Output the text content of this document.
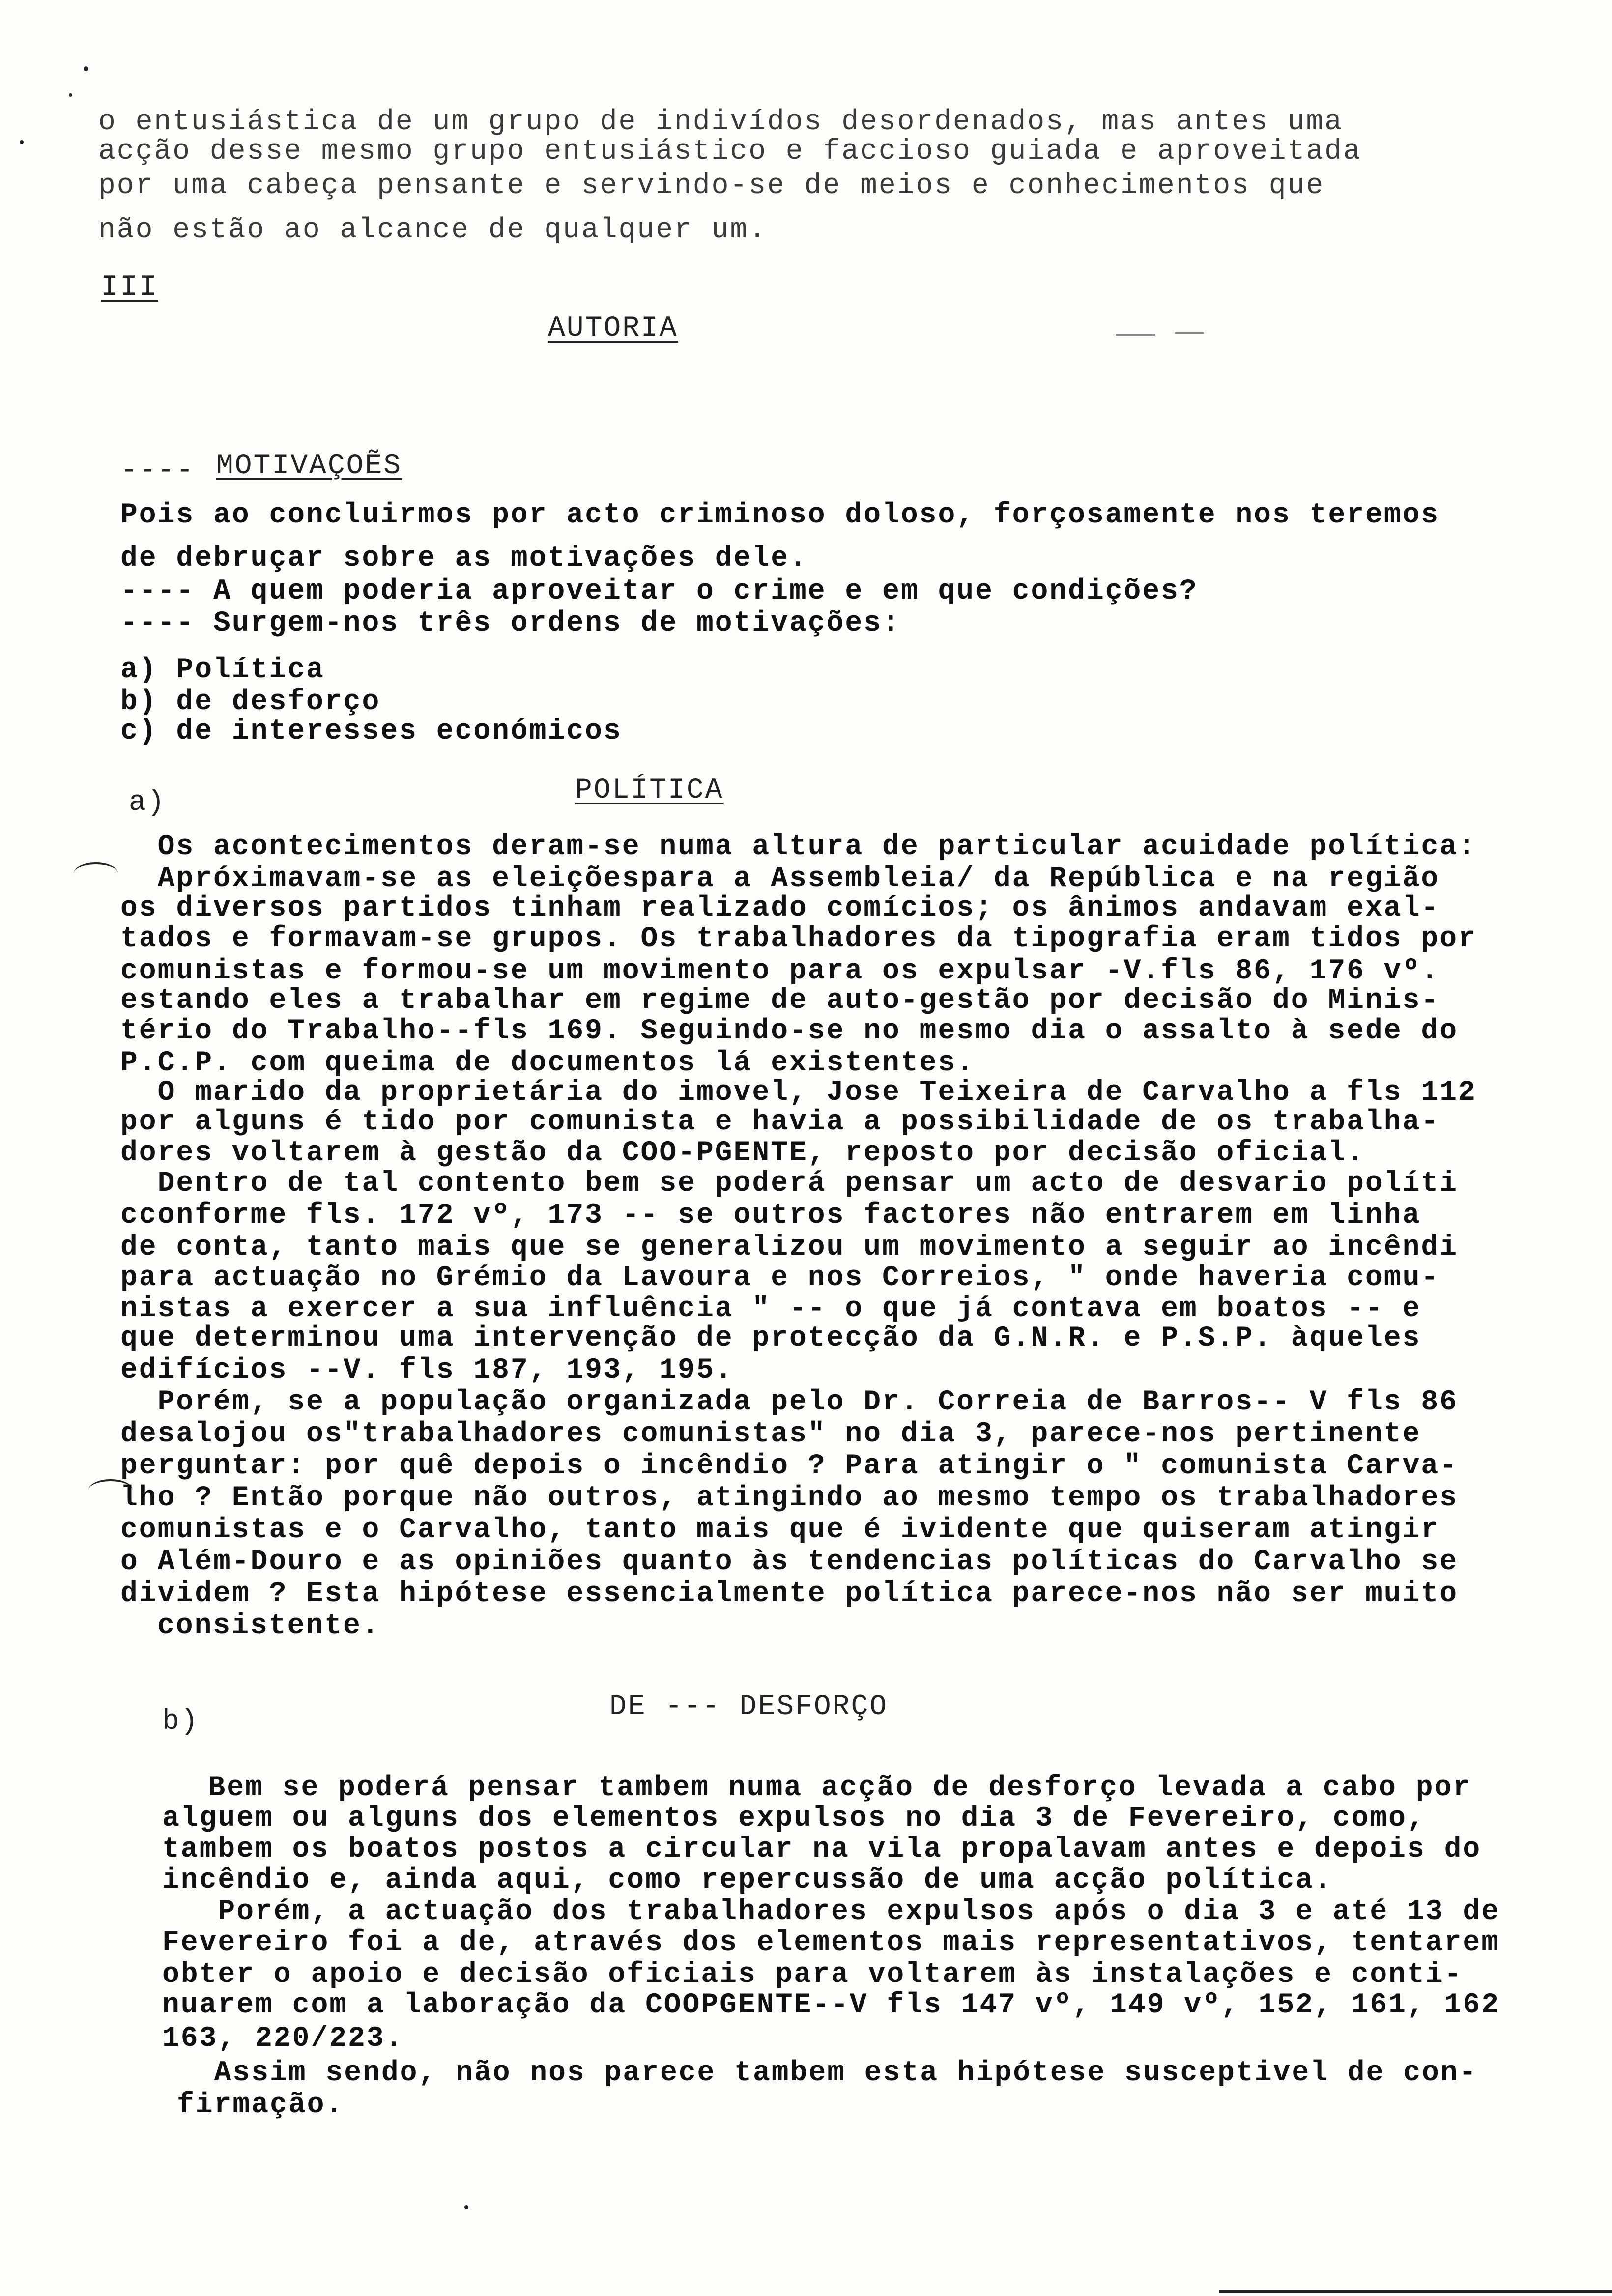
o entusiástica de um grupo de indivídos desordenados, mas antes uma
acção desse mesmo grupo entusiástico e faccioso guiada e aproveitada
por uma cabeça pensante e servindo-se de meios e conhecimentos que
não estão ao alcance de qualquer um.
III
AUTORIA
---- MOTIVAÇOẼS
Pois ao concluirmos por acto criminoso doloso, forçosamente nos teremos
de debruçar sobre as motivações dele.
---- A quem poderia aproveitar o crime e em que condições?
---- Surgem-nos três ordens de motivações:
a) Política
b) de desforço
c) de interesses económicos
a)	POLÍTICA
Os acontecimentos deram-se numa altura de particular acuidade política:
Apróximavam-se as eleiçõespara a Assembleia/ da República e na região
os diversos partidos tinham realizado comícios; os ânimos andavam exal-
tados e formavam-se grupos. Os trabalhadores da tipografia eram tidos por
comunistas e formou-se um movimento para os expulsar -V.fls 86, 176 vº.
estando eles a trabalhar em regime de auto-gestão por decisão do Minis-
tério do Trabalho--fls 169. Seguindo-se no mesmo dia o assalto à sede do
P.C.P. com queima de documentos lá existentes.
O marido da proprietária do imovel, Jose Teixeira de Carvalho a fls 112
por alguns é tido por comunista e havia a possibilidade de os trabalha-
dores voltarem à gestão da COO-PGENTE, reposto por decisão oficial.
Dentro de tal contento bem se poderá pensar um acto de desvario políti
cconforme fls. 172 vº, 173 -- se outros factores não entrarem em linha
de conta, tanto mais que se generalizou um movimento a seguir ao incêndi
para actuação no Grémio da Lavoura e nos Correios, " onde haveria comu-
nistas a exercer a sua influência " -- o que já contava em boatos -- e
que determinou uma intervenção de protecção da G.N.R. e P.S.P. àqueles
edifícios --V. fls 187, 193, 195.
Porém, se a população organizada pelo Dr. Correia de Barros-- V fls 86
desalojou os"trabalhadores comunistas" no dia 3, parece-nos pertinente
perguntar: por quê depois o incêndio ? Para atingir o " comunista Carva-
lho ? Então porque não outros, atingindo ao mesmo tempo os trabalhadores
comunistas e o Carvalho, tanto mais que é ividente que quiseram atingir
o Além-Douro e as opiniões quanto às tendencias políticas do Carvalho se
dividem ? Esta hipótese essencialmente política parece-nos não ser muito
consistente.
b)	DE --- DESFORÇO
Bem se poderá pensar tambem numa acção de desforço levada a cabo por
alguem ou alguns dos elementos expulsos no dia 3 de Fevereiro, como,
tambem os boatos postos a circular na vila propalavam antes e depois do
incêndio e, ainda aqui, como repercussão de uma acção política.
Porém, a actuação dos trabalhadores expulsos após o dia 3 e até 13 de
Fevereiro foi a de, através dos elementos mais representativos, tentarem
obter o apoio e decisão oficiais para voltarem às instalações e conti-
nuarem com a laboração da COOPGENTE--V fls 147 vº, 149 vº, 152, 161, 162
163, 220/223.
Assim sendo, não nos parece tambem esta hipótese susceptivel de con-
firmação.
